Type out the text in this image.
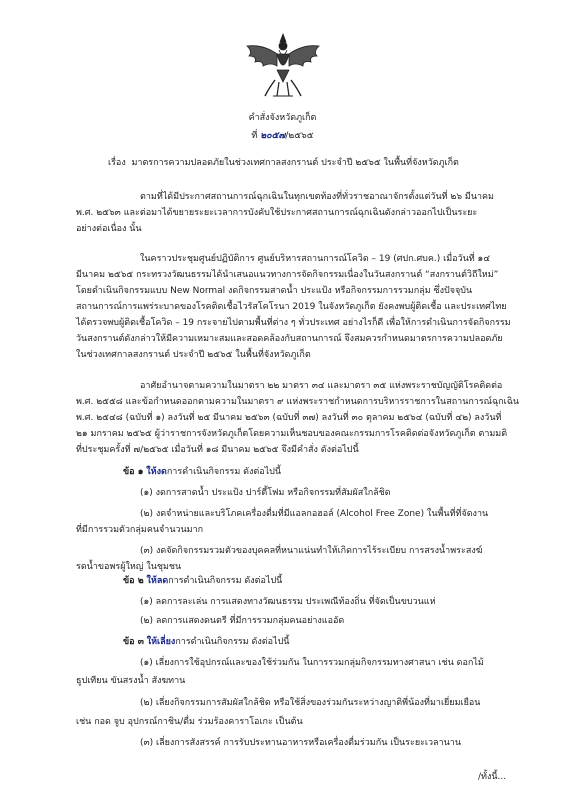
คำสั่งจังหวัดภูเก็ต
ที่ ๒๐๕๗/๒๕๖๕
เรื่อง มาตรการความปลอดภัยในช่วงเทศกาลสงกรานต์ ประจำปี ๒๕๖๕ ในพื้นที่จังหวัดภูเก็ต
ตามที่ได้มีประกาศสถานการณ์ฉุกเฉินในทุกเขตท้องที่ทั่วราชอาณาจักรตั้งแต่วันที่ ๒๖ มีนาคม
พ.ศ. ๒๕๖๓ และต่อมาได้ขยายระยะเวลาการบังคับใช้ประกาศสถานการณ์ฉุกเฉินดังกล่าวออกไปเป็นระยะ
อย่างต่อเนื่อง นั้น
ในคราวประชุมศูนย์ปฏิบัติการ ศูนย์บริหารสถานการณ์โควิด – 19 (ศปก.ศบค.) เมื่อวันที่ ๑๔
มีนาคม ๒๕๖๕ กระทรวงวัฒนธรรมได้นำเสนอแนวทางการจัดกิจกรรมเนื่องในวันสงกรานต์ “สงกรานต์วิถีใหม่”
โดยดำเนินกิจกรรมแบบ New Normal งดกิจกรรมสาดน้ำ ประแป้ง หรือกิจกรรมการรวมกลุ่ม ซึ่งปัจจุบัน
สถานการณ์การแพร่ระบาดของโรคติดเชื้อไวรัสโคโรนา 2019 ในจังหวัดภูเก็ต ยังคงพบผู้ติดเชื้อ และประเทศไทย
ได้ตรวจพบผู้ติดเชื้อโควิด – 19 กระจายไปตามพื้นที่ต่าง ๆ ทั่วประเทศ อย่างไรก็ดี เพื่อให้การดำเนินการจัดกิจกรรม
วันสงกรานต์ดังกล่าวให้มีความเหมาะสมและสอดคล้องกับสถานการณ์ จึงสมควรกำหนดมาตรการความปลอดภัย
ในช่วงเทศกาลสงกรานต์ ประจำปี ๒๕๖๕ ในพื้นที่จังหวัดภูเก็ต
อาศัยอำนาจตามความในมาตรา ๒๒ มาตรา ๓๔ และมาตรา ๓๕ แห่งพระราชบัญญัติโรคติดต่อ
พ.ศ. ๒๕๕๘ และข้อกำหนดออกตามความในมาตรา ๙ แห่งพระราชกำหนดการบริหารราชการในสถานการณ์ฉุกเฉิน
พ.ศ. ๒๕๔๘ (ฉบับที่ ๑) ลงวันที่ ๒๕ มีนาคม ๒๕๖๓ (ฉบับที่ ๓๗) ลงวันที่ ๓๐ ตุลาคม ๒๕๖๔ (ฉบับที่ ๔๒) ลงวันที่
๒๑ มกราคม ๒๕๖๕ ผู้ว่าราชการจังหวัดภูเก็ตโดยความเห็นชอบของคณะกรรมการโรคติดต่อจังหวัดภูเก็ต ตามมติ
ที่ประชุมครั้งที่ ๗/๒๕๖๕ เมื่อวันที่ ๑๘ มีนาคม ๒๕๖๕ จึงมีคำสั่ง ดังต่อไปนี้
ข้อ ๑ ให้งดการดำเนินกิจกรรม ดังต่อไปนี้
(๑) งดการสาดน้ำ ประแป้ง ปาร์ตี้โฟม หรือกิจกรรมที่สัมผัสใกล้ชิด
(๒) งดจำหน่ายและบริโภคเครื่องดื่มที่มีแอลกอฮอล์ (Alcohol Free Zone) ในพื้นที่ที่จัดงาน
ที่มีการรวมตัวกลุ่มคนจำนวนมาก
(๓) งดจัดกิจกรรมรวมตัวของบุคคลที่หนาแน่นทำให้เกิดการไร้ระเบียบ การสรงน้ำพระสงฆ์
รดน้ำขอพรผู้ใหญ่ ในชุมชน
ข้อ ๒ ให้ลดการดำเนินกิจกรรม ดังต่อไปนี้
(๑) ลดการละเล่น การแสดงทางวัฒนธรรม ประเพณีท้องถิ่น ที่จัดเป็นขบวนแห่
(๒) ลดการแสดงดนตรี ที่มีการรวมกลุ่มคนอย่างแออัด
ข้อ ๓ ให้เลี่ยงการดำเนินกิจกรรม ดังต่อไปนี้
(๑) เลี่ยงการใช้อุปกรณ์และของใช้ร่วมกัน ในการรวมกลุ่มกิจกรรมทางศาสนา เช่น ดอกไม้
ธูปเทียน ขันสรงน้ำ สังฆทาน
(๒) เลี่ยงกิจกรรมการสัมผัสใกล้ชิด หรือใช้สิ่งของร่วมกันระหว่างญาติพี่น้องที่มาเยี่ยมเยือน
เช่น กอด จูบ อุปกรณ์กาชิน/ดื่ม ร่วมร้องคาราโอเกะ เป็นต้น
(๓) เลี่ยงการสังสรรค์ การรับประทานอาหารหรือเครื่องดื่มร่วมกัน เป็นระยะเวลานาน
/ทั้งนี้...
